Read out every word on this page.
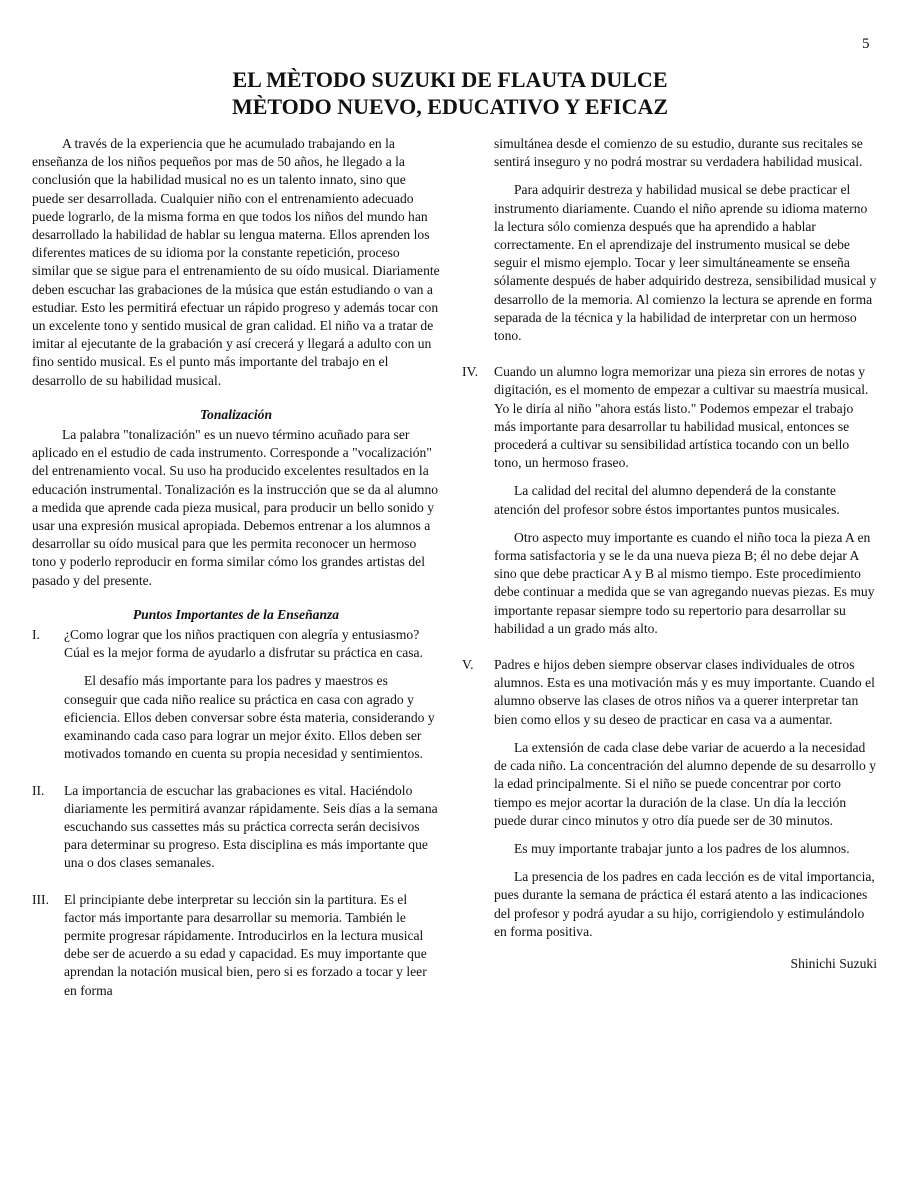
5
EL MÈTODO SUZUKI DE FLAUTA DULCE
MÈTODO NUEVO, EDUCATIVO Y EFICAZ

A través de la experiencia que he acumulado trabajando en la enseñanza de los niños pequeños por mas de 50 años, he llegado a la conclusión que la habilidad musical no es un talento innato, sino que puede ser desarrollada. Cualquier niño con el entrenamiento adecuado puede lograrlo, de la misma forma en que todos los niños del mundo han desarrollado la habilidad de hablar su lengua materna. Ellos aprenden los diferentes matices de su idioma por la constante repetición, proceso similar que se sigue para el entrenamiento de su oído musical. Diariamente deben escuchar las grabaciones de la música que están estudiando o van a estudiar. Esto les permitirá efectuar un rápido progreso y además tocar con un excelente tono y sentido musical de gran calidad. El niño va a tratar de imitar al ejecutante de la grabación y así crecerá y llegará a adulto con un fino sentido musical. Es el punto más importante del trabajo en el desarrollo de su habilidad musical.

Tonalización

La palabra "tonalización" es un nuevo término acuñado para ser aplicado en el estudio de cada instrumento. Corresponde a "vocalización" del entrenamiento vocal. Su uso ha producido excelentes resultados en la educación instrumental. Tonalización es la instrucción que se da al alumno a medida que aprende cada pieza musical, para producir un bello sonido y usar una expresión musical apropiada. Debemos entrenar a los alumnos a desarrollar su oído musical para que les permita reconocer un hermoso tono y poderlo reproducir en forma similar cómo los grandes artistas del pasado y del presente.

Puntos Importantes de la Enseñanza

I.	¿Como lograr que los niños practiquen con alegría y entusiasmo? Cúal es la mejor forma de ayudarlo a disfrutar su práctica en casa.

El desafío más importante para los padres y maestros es conseguir que cada niño realice su práctica en casa con agrado y eficiencia. Ellos deben conversar sobre ésta materia, considerando y examinando cada caso para lograr un mejor éxito. Ellos deben ser motivados tomando en cuenta su propia necesidad y sentimientos.

II.	La importancia de escuchar las grabaciones es vital. Haciéndolo diariamente les permitirá avanzar rápidamente. Seis días a la semana escuchando sus cassettes más su práctica correcta serán decisivos para determinar su progreso. Esta disciplina es más importante que una o dos clases semanales.

III.	El principiante debe interpretar su lección sin la partitura. Es el factor más importante para desarrollar su memoria. También le permite progresar rápidamente. Introducirlos en la lectura musical debe ser de acuerdo a su edad y capacidad. Es muy importante que aprendan la notación musical bien, pero si es forzado a tocar y leer en forma

simultánea desde el comienzo de su estudio, durante sus recitales se sentirá inseguro y no podrá mostrar su verdadera habilidad musical.

Para adquirir destreza y habilidad musical se debe practicar el instrumento diariamente. Cuando el niño aprende su idioma materno la lectura sólo comienza después que ha aprendido a hablar correctamente. En el aprendizaje del instrumento musical se debe seguir el mismo ejemplo. Tocar y leer simultáneamente se enseña sólamente después de haber adquirido destreza, sensibilidad musical y desarrollo de la memoria. Al comienzo la lectura se aprende en forma separada de la técnica y la habilidad de interpretar con un hermoso tono.

IV.	Cuando un alumno logra memorizar una pieza sin errores de notas y digitación, es el momento de empezar a cultivar su maestría musical. Yo le diría al niño "ahora estás listo." Podemos empezar el trabajo más importante para desarrollar tu habilidad musical, entonces se procederá a cultivar su sensibilidad artística tocando con un bello tono, un hermoso fraseo.

La calidad del recital del alumno dependerá de la constante atención del profesor sobre éstos importantes puntos musicales.

Otro aspecto muy importante es cuando el niño toca la pieza A en forma satisfactoria y se le da una nueva pieza B; él no debe dejar A sino que debe practicar A y B al mismo tiempo. Este procedimiento debe continuar a medida que se van agregando nuevas piezas. Es muy importante repasar siempre todo su repertorio para desarrollar su habilidad a un grado más alto.

V.	Padres e hijos deben siempre observar clases individuales de otros alumnos. Esta es una motivación más y es muy importante. Cuando el alumno observe las clases de otros niños va a querer interpretar tan bien como ellos y su deseo de practicar en casa va a aumentar.

La extensión de cada clase debe variar de acuerdo a la necesidad de cada niño. La concentración del alumno depende de su desarrollo y la edad principalmente. Si el niño se puede concentrar por corto tiempo es mejor acortar la duración de la clase. Un día la lección puede durar cinco minutos y otro día puede ser de 30 minutos.

Es muy importante trabajar junto a los padres de los alumnos.

La presencia de los padres en cada lección es de vital importancia, pues durante la semana de práctica él estará atento a las indicaciones del profesor y podrá ayudar a su hijo, corrigiendolo y estimulándolo en forma positiva.

Shinichi Suzuki
